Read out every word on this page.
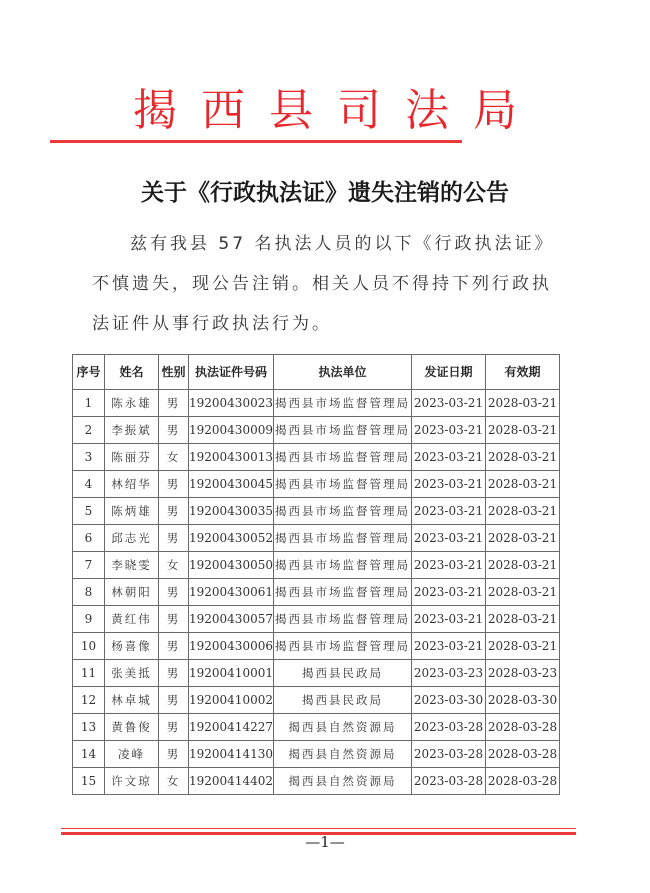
揭西县司法局
关于《行政执法证》遗失注销的公告
兹有我县 57 名执法人员的以下《行政执法证》不慎遗失，现公告注销。相关人员不得持下列行政执法证件从事行政执法行为。
序号	姓名	性别	执法证件号码	执法单位	发证日期	有效期
1	陈永雄	男	19200430023	揭西县市场监督管理局	2023-03-21	2028-03-21
2	李振斌	男	19200430009	揭西县市场监督管理局	2023-03-21	2028-03-21
3	陈丽芬	女	19200430013	揭西县市场监督管理局	2023-03-21	2028-03-21
4	林绍华	男	19200430045	揭西县市场监督管理局	2023-03-21	2028-03-21
5	陈炳雄	男	19200430035	揭西县市场监督管理局	2023-03-21	2028-03-21
6	邱志光	男	19200430052	揭西县市场监督管理局	2023-03-21	2028-03-21
7	李晓雯	女	19200430050	揭西县市场监督管理局	2023-03-21	2028-03-21
8	林朝阳	男	19200430061	揭西县市场监督管理局	2023-03-21	2028-03-21
9	黄红伟	男	19200430057	揭西县市场监督管理局	2023-03-21	2028-03-21
10	杨喜像	男	19200430006	揭西县市场监督管理局	2023-03-21	2028-03-21
11	张美抵	男	19200410001	揭西县民政局	2023-03-23	2028-03-23
12	林卓城	男	19200410002	揭西县民政局	2023-03-30	2028-03-30
13	黄鲁俊	男	19200414227	揭西县自然资源局	2023-03-28	2028-03-28
14	凌峰	男	19200414130	揭西县自然资源局	2023-03-28	2028-03-28
15	许文琼	女	19200414402	揭西县自然资源局	2023-03-28	2028-03-28
—1—
